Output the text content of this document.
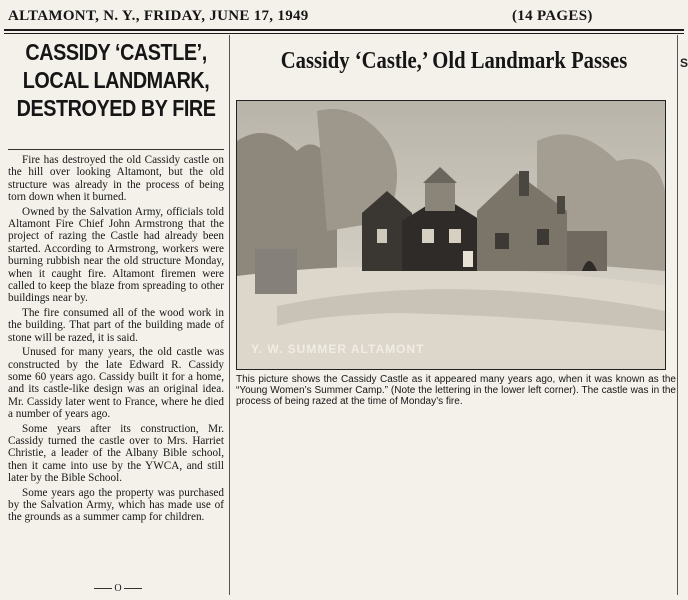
ALTAMONT, N. Y., FRIDAY, JUNE 17, 1949	(14 PAGES)
CASSIDY ‘CASTLE’,
LOCAL LANDMARK,
DESTROYED BY FIRE

Fire has destroyed the old Cassidy castle on the hill over looking Altamont, but the old structure was already in the process of being torn down when it burned.

Owned by the Salvation Army, officials told Altamont Fire Chief John Armstrong that the project of razing the Castle had already been started. According to Armstrong, workers were burning rubbish near the old structure Monday, when it caught fire. Altamont firemen were called to keep the blaze from spreading to other buildings near by.

The fire consumed all of the wood work in the building. That part of the building made of stone will be razed, it is said.

Unused for many years, the old castle was constructed by the late Edward R. Cassidy some 60 years ago. Cassidy built it for a home, and its castle-like design was an original idea. Mr. Cassidy later went to France, where he died a number of years ago.

Some years after its construction, Mr. Cassidy turned the castle over to Mrs. Harriet Christie, a leader of the Albany Bible school, then it came into use by the YWCA, and still later by the Bible School.

Some years ago the property was purchased by the Salvation Army, which has made use of the grounds as a summer camp for children.

O
Cassidy ‘Castle,’ Old Landmark Passes
Y. W. SUMMER ALTAMONT
This picture shows the Cassidy Castle as it appeared many years ago, when it was known as the “Young Women’s Summer Camp.” (Note the lettering in the lower left corner). The castle was in the process of being razed at the time of Monday’s fire.
S
